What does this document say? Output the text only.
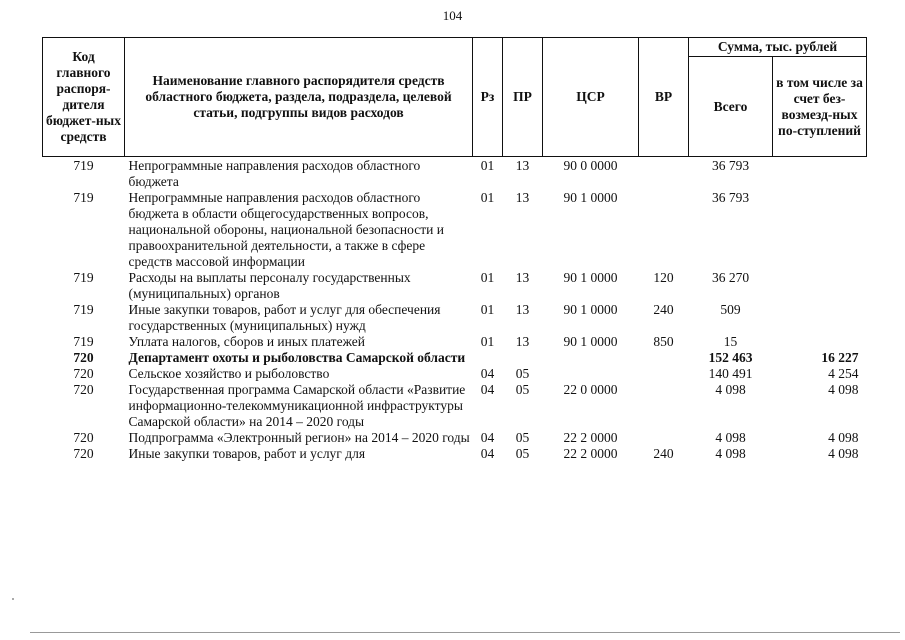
104
Код главного распоря-дителя бюджет-ных средств	Наименование главного распорядителя средств областного бюджета, раздела, подраздела, целевой статьи, подгруппы видов расходов	Рз	ПР	ЦСР	ВР	Сумма, тыс. рублей	
						Всего	в том числе за счет без-возмезд-ных по-ступлений
719	Непрограммные направления расходов областного бюджета	01	13	90 0 0000		36 793	
719	Непрограммные направления расходов областного бюджета в области общегосударственных вопросов, национальной обороны, национальной безопасности и правоохранительной деятельности, а также в сфере средств массовой информации	01	13	90 1 0000		36 793	
719	Расходы на выплаты персоналу государственных (муниципальных) органов	01	13	90 1 0000	120	36 270	
719	Иные закупки товаров, работ и услуг для обеспечения государственных (муниципальных) нужд	01	13	90 1 0000	240	509	
719	Уплата налогов, сборов и иных платежей	01	13	90 1 0000	850	15	
720	Департамент охоты и рыболовства Самарской области					152 463	16 227
720	Сельское хозяйство и рыболовство	04	05			140 491	4 254
720	Государственная программа Самарской области «Развитие информационно-телекоммуникационной инфраструктуры Самарской области» на 2014 – 2020 годы	04	05	22 0 0000		4 098	4 098
720	Подпрограмма «Электронный регион» на 2014 – 2020 годы	04	05	22 2 0000		4 098	4 098
720	Иные закупки товаров, работ и услуг для	04	05	22 2 0000	240	4 098	4 098
